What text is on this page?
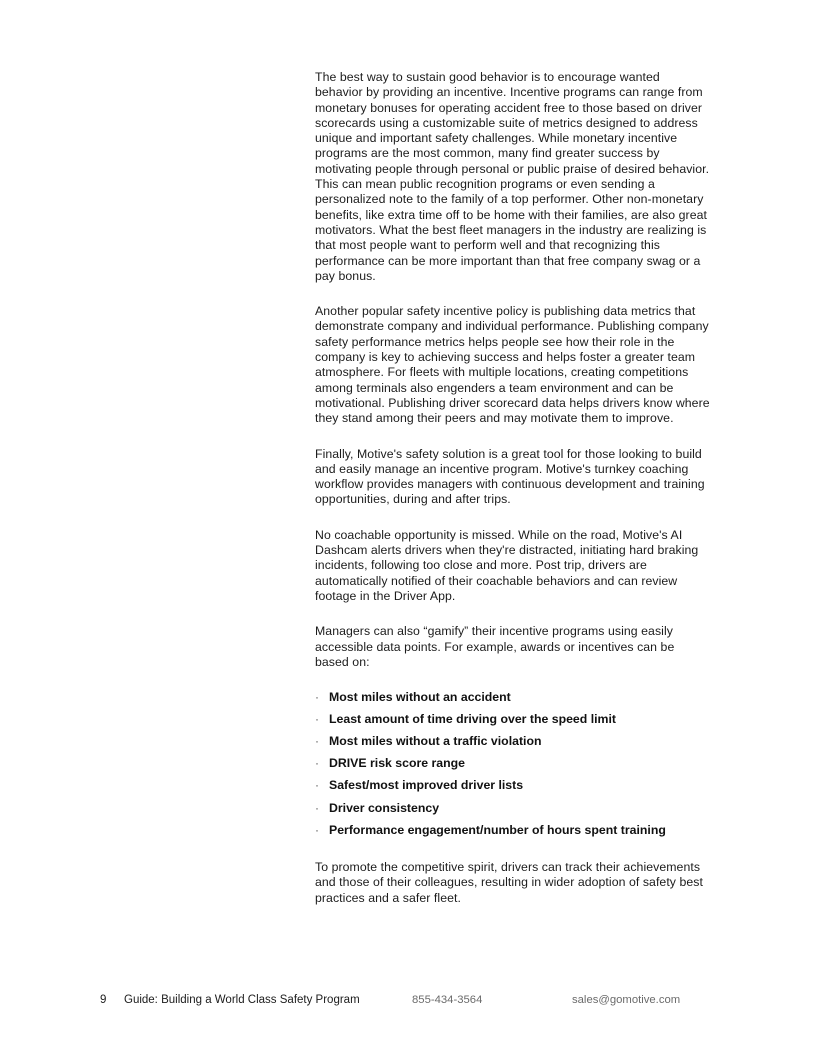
The best way to sustain good behavior is to encourage wanted behavior by providing an incentive. Incentive programs can range from monetary bonuses for operating accident free to those based on driver scorecards using a customizable suite of metrics designed to address unique and important safety challenges. While monetary incentive programs are the most common, many find greater success by motivating people through personal or public praise of desired behavior. This can mean public recognition programs or even sending a personalized note to the family of a top performer. Other non-monetary benefits, like extra time off to be home with their families, are also great motivators. What the best fleet managers in the industry are realizing is that most people want to perform well and that recognizing this performance can be more important than that free company swag or a pay bonus.

Another popular safety incentive policy is publishing data metrics that demonstrate company and individual performance. Publishing company safety performance metrics helps people see how their role in the company is key to achieving success and helps foster a greater team atmosphere. For fleets with multiple locations, creating competitions among terminals also engenders a team environment and can be motivational. Publishing driver scorecard data helps drivers know where they stand among their peers and may motivate them to improve.

Finally, Motive's safety solution is a great tool for those looking to build and easily manage an incentive program. Motive's turnkey coaching workflow provides managers with continuous development and training opportunities, during and after trips.

No coachable opportunity is missed. While on the road, Motive's AI Dashcam alerts drivers when they're distracted, initiating hard braking incidents, following too close and more. Post trip, drivers are automatically notified of their coachable behaviors and can review footage in the Driver App.

Managers can also “gamify” their incentive programs using easily accessible data points. For example, awards or incentives can be based on:

· Most miles without an accident
· Least amount of time driving over the speed limit
· Most miles without a traffic violation
· DRIVE risk score range
· Safest/most improved driver lists
· Driver consistency
· Performance engagement/number of hours spent training

To promote the competitive spirit, drivers can track their achievements and those of their colleagues, resulting in wider adoption of safety best practices and a safer fleet.

9 Guide: Building a World Class Safety Program	855-434-3564	sales@gomotive.com
